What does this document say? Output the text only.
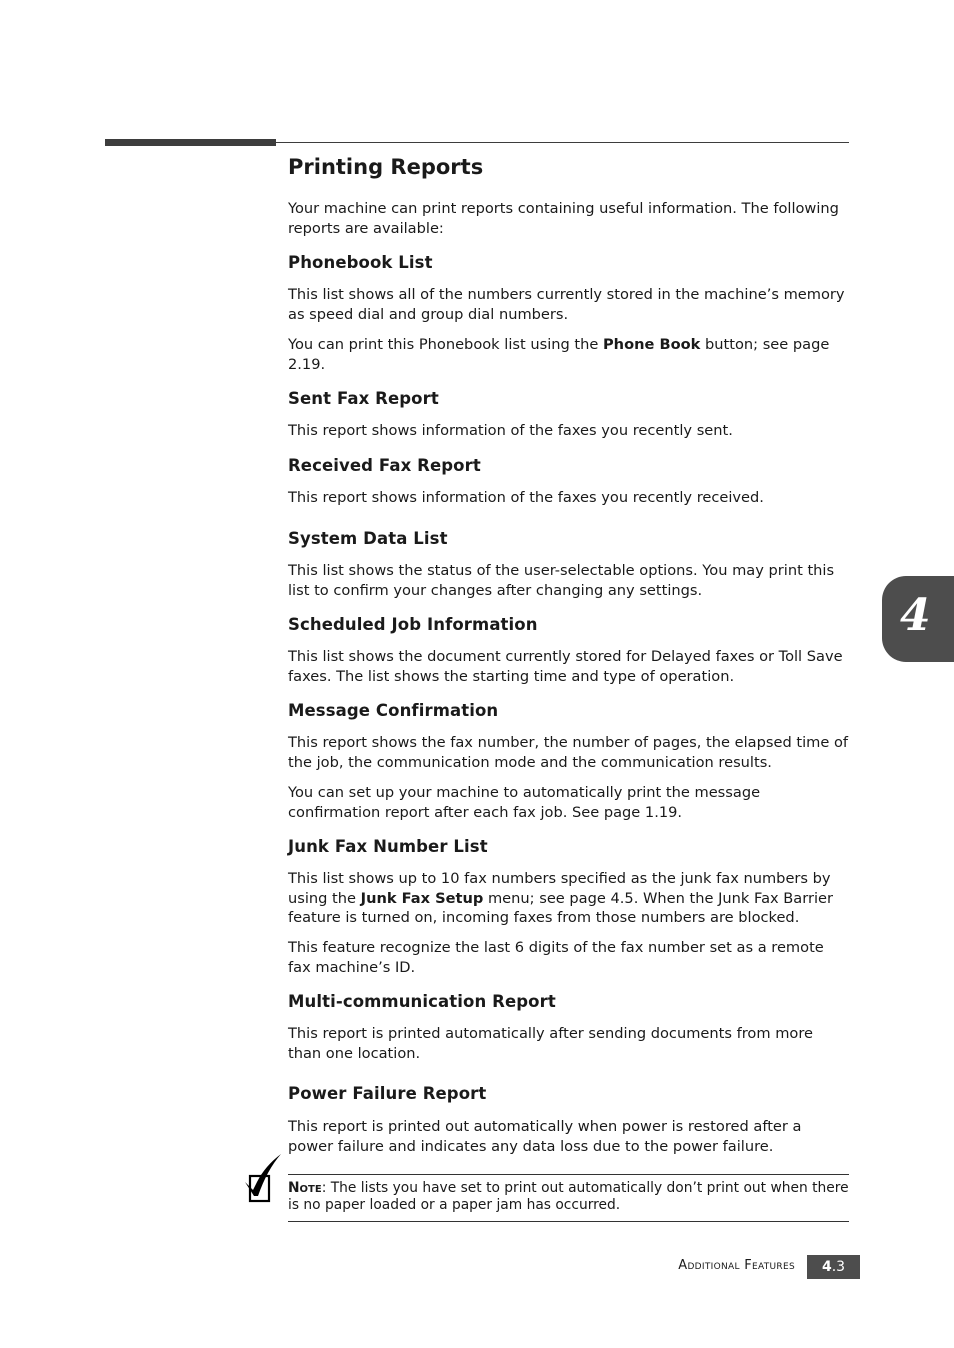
Printing Reports

Your machine can print reports containing useful information. The following reports are available:

Phonebook List

This list shows all of the numbers currently stored in the machine’s memory as speed dial and group dial numbers.

You can print this Phonebook list using the Phone Book button; see page 2.19.

Sent Fax Report

This report shows information of the faxes you recently sent.

Received Fax Report

This report shows information of the faxes you recently received.

System Data List

This list shows the status of the user-selectable options. You may print this list to confirm your changes after changing any settings.

Scheduled Job Information

This list shows the document currently stored for Delayed faxes or Toll Save faxes. The list shows the starting time and type of operation.

Message Confirmation

This report shows the fax number, the number of pages, the elapsed time of the job, the communication mode and the communication results.

You can set up your machine to automatically print the message confirmation report after each fax job. See page 1.19.

Junk Fax Number List

This list shows up to 10 fax numbers specified as the junk fax numbers by using the Junk Fax Setup menu; see page 4.5. When the Junk Fax Barrier feature is turned on, incoming faxes from those numbers are blocked.

This feature recognize the last 6 digits of the fax number set as a remote fax machine’s ID.

Multi-communication Report

This report is printed automatically after sending documents from more than one location.

Power Failure Report

This report is printed out automatically when power is restored after a power failure and indicates any data loss due to the power failure.

4
Note: The lists you have set to print out automatically don’t print out when there is no paper loaded or a paper jam has occurred.
Additional Features	4.3
